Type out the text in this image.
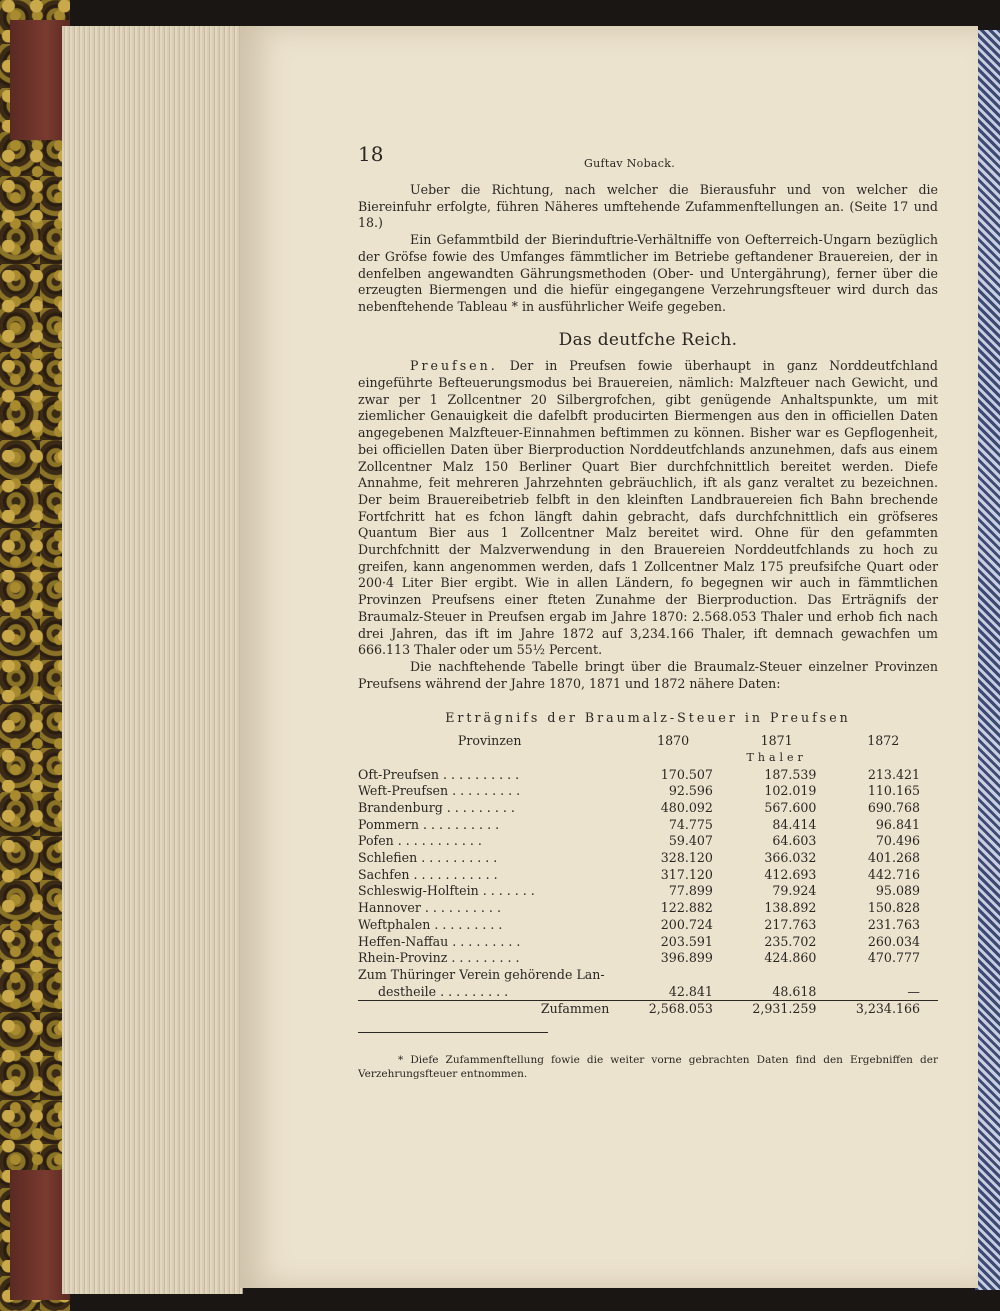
18	Guftav Noback.

Ueber die Richtung, nach welcher die Bierausfuhr und von welcher die Biereinfuhr erfolgte, führen Näheres umftehende Zufammenftellungen an. (Seite 17 und 18.)

Ein Gefammtbild der Bierinduftrie-Verhältniffe von Oefterreich-Ungarn bezüglich der Gröfse fowie des Umfanges fämmtlicher im Betriebe geftandener Brauereien, der in denfelben angewandten Gährungsmethoden (Ober- und Untergährung), ferner über die erzeugten Biermengen und die hiefür eingegangene Verzehrungsfteuer wird durch das nebenftehende Tableau * in ausführlicher Weife gegeben.

Das deutfche Reich.

Preufsen. Der in Preufsen fowie überhaupt in ganz Norddeutfchland eingeführte Befteuerungsmodus bei Brauereien, nämlich: Malzfteuer nach Gewicht, und zwar per 1 Zollcentner 20 Silbergrofchen, gibt genügende Anhaltspunkte, um mit ziemlicher Genauigkeit die dafelbft producirten Biermengen aus den in officiellen Daten angegebenen Malzfteuer-Einnahmen beftimmen zu können. Bisher war es Gepflogenheit, bei officiellen Daten über Bierproduction Norddeutfchlands anzunehmen, dafs aus einem Zollcentner Malz 150 Berliner Quart Bier durchfchnittlich bereitet werden. Diefe Annahme, feit mehreren Jahrzehnten gebräuchlich, ift als ganz veraltet zu bezeichnen. Der beim Brauereibetrieb felbft in den kleinften Landbrauereien fich Bahn brechende Fortfchritt hat es fchon längft dahin gebracht, dafs durchfchnittlich ein gröfseres Quantum Bier aus 1 Zollcentner Malz bereitet wird. Ohne für den gefammten Durchfchnitt der Malzverwendung in den Brauereien Norddeutfchlands zu hoch zu greifen, kann angenommen werden, dafs 1 Zollcentner Malz 175 preufsifche Quart oder 200·4 Liter Bier ergibt. Wie in allen Ländern, fo begegnen wir auch in fämmtlichen Provinzen Preufsens einer fteten Zunahme der Bierproduction. Das Erträgnifs der Braumalz-Steuer in Preufsen ergab im Jahre 1870: 2.568.053 Thaler und erhob fich nach drei Jahren, das ift im Jahre 1872 auf 3,234.166 Thaler, ift demnach gewachfen um 666.113 Thaler oder um 55½ Percent.

Die nachftehende Tabelle bringt über die Braumalz-Steuer einzelner Provinzen Preufsens während der Jahre 1870, 1871 und 1872 nähere Daten:

Erträgnifs der Braumalz-Steuer in Preufsen
Provinzen	1870	1871	1872
		Thaler	
Oft-Preufsen . . . . . . . . . .	170.507	187.539	213.421
Weft-Preufsen . . . . . . . . .	92.596	102.019	110.165
Brandenburg . . . . . . . . .	480.092	567.600	690.768
Pommern . . . . . . . . . .	74.775	84.414	96.841
Pofen . . . . . . . . . . .	59.407	64.603	70.496
Schlefien . . . . . . . . . .	328.120	366.032	401.268
Sachfen . . . . . . . . . . .	317.120	412.693	442.716
Schleswig-Holftein . . . . . . .	77.899	79.924	95.089
Hannover . . . . . . . . . .	122.882	138.892	150.828
Weftphalen . . . . . . . . .	200.724	217.763	231.763
Heffen-Naffau . . . . . . . . .	203.591	235.702	260.034
Rhein-Provinz . . . . . . . . .	396.899	424.860	470.777
Zum Thüringer Verein gehörende Lan-			
destheile . . . . . . . . .	42.841	48.618	—
Zufammen	2,568.053	2,931.259	3,234.166

* Diefe Zufammenftellung fowie die weiter vorne gebrachten Daten find den Ergebniffen der Verzehrungsfteuer entnommen.
